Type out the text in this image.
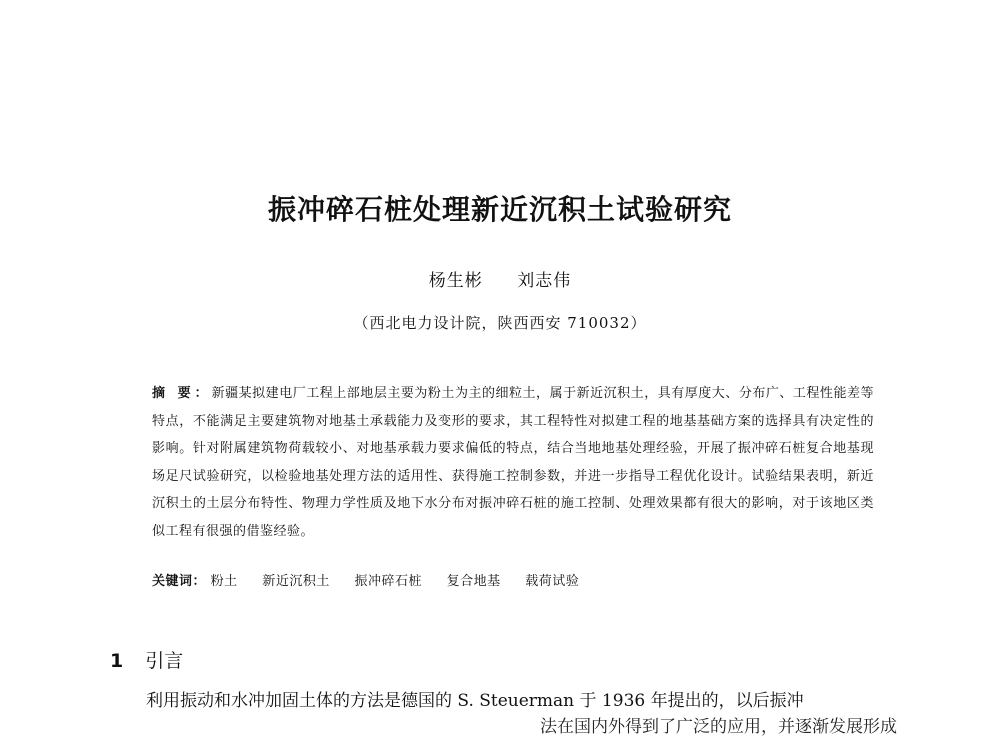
振冲碎石桩处理新近沉积土试验研究
杨生彬 刘志伟
（西北电力设计院，陕西西安 710032）
摘 要：新疆某拟建电厂工程上部地层主要为粉土为主的细粒土，属于新近沉积土，具有厚度大、分布广、工程性能差等特点，不能满足主要建筑物对地基土承载能力及变形的要求，其工程特性对拟建工程的地基基础方案的选择具有决定性的影响。针对附属建筑物荷载较小、对地基承载力要求偏低的特点，结合当地地基处理经验，开展了振冲碎石桩复合地基现场足尺试验研究，以检验地基处理方法的适用性、获得施工控制参数，并进一步指导工程优化设计。试验结果表明，新近沉积土的土层分布特性、物理力学性质及地下水分布对振冲碎石桩的施工控制、处理效果都有很大的影响，对于该地区类似工程有很强的借鉴经验。
关键词： 粉土 新近沉积土 振冲碎石桩 复合地基 载荷试验
1 引言
利用振动和水冲加固土体的方法是德国的 S. Steuerman 于 1936 年提出的，以后振冲
法在国内外得到了广泛的应用，并逐渐发展形成
